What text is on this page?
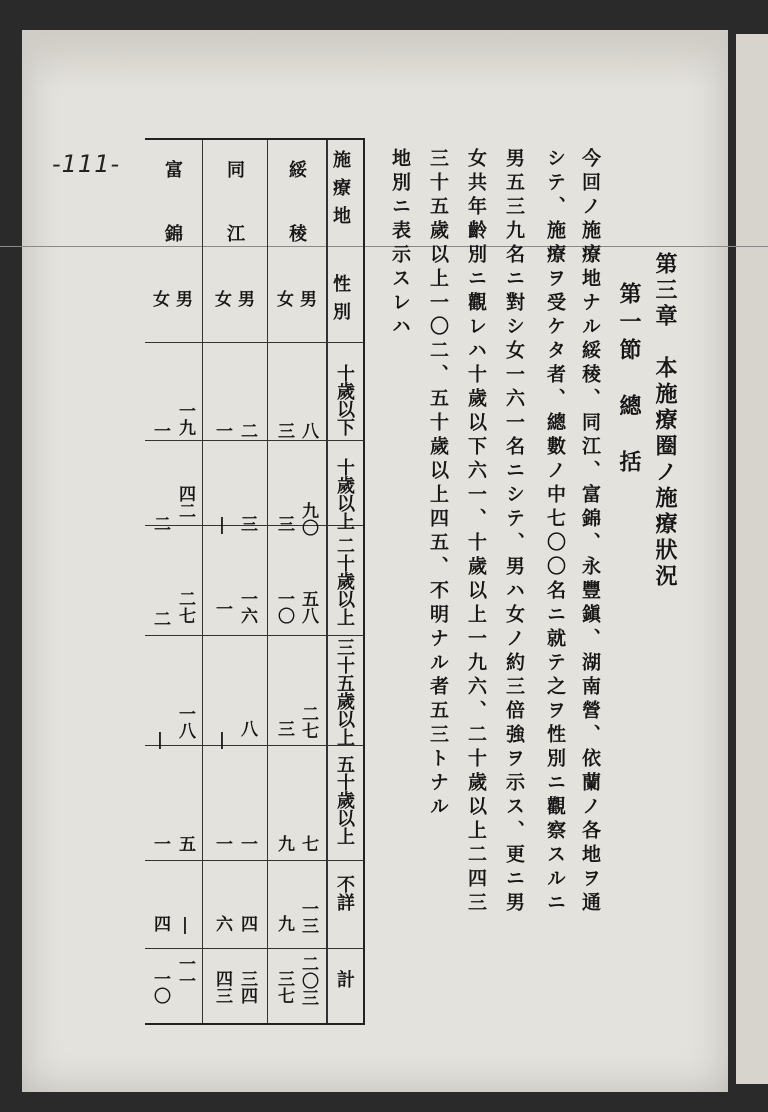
-111-
第三章　本施療圈ノ施療狀況
第一節　總　括
今回ノ施療地ナル綏稜、同江、富錦、永豐鎭、湖南營、依蘭ノ各地ヲ通
シテ、施療ヲ受ケタ者、總數ノ中七〇〇名ニ就テ之ヲ性別ニ觀察スルニ
男五三九名ニ對シ女一六一名ニシテ、男ハ女ノ約三倍強ヲ示ス、更ニ男
女共年齡別ニ觀レハ十歲以下六一、十歲以上一九六、二十歲以上二四三
三十五歲以上一〇二、五十歲以上四五、不明ナル者五三トナル
地別ニ表示スレハ
施療地
性別
十歲以下
十歲以上
二十歲以上
三十五歲以上
五十歲以上
不詳
計
綏稜
男
女
八
九〇
五八
二七
七
一三
二〇三
三
三
一〇
三
九
九
三七
同江
男
女
二
三
一六
八
一
四
三四
一
|
一
|
一
六
四三
富錦
男
女
一九
四二
二七
一八
五
|
一一
一
二
二
|
一
四
一〇
